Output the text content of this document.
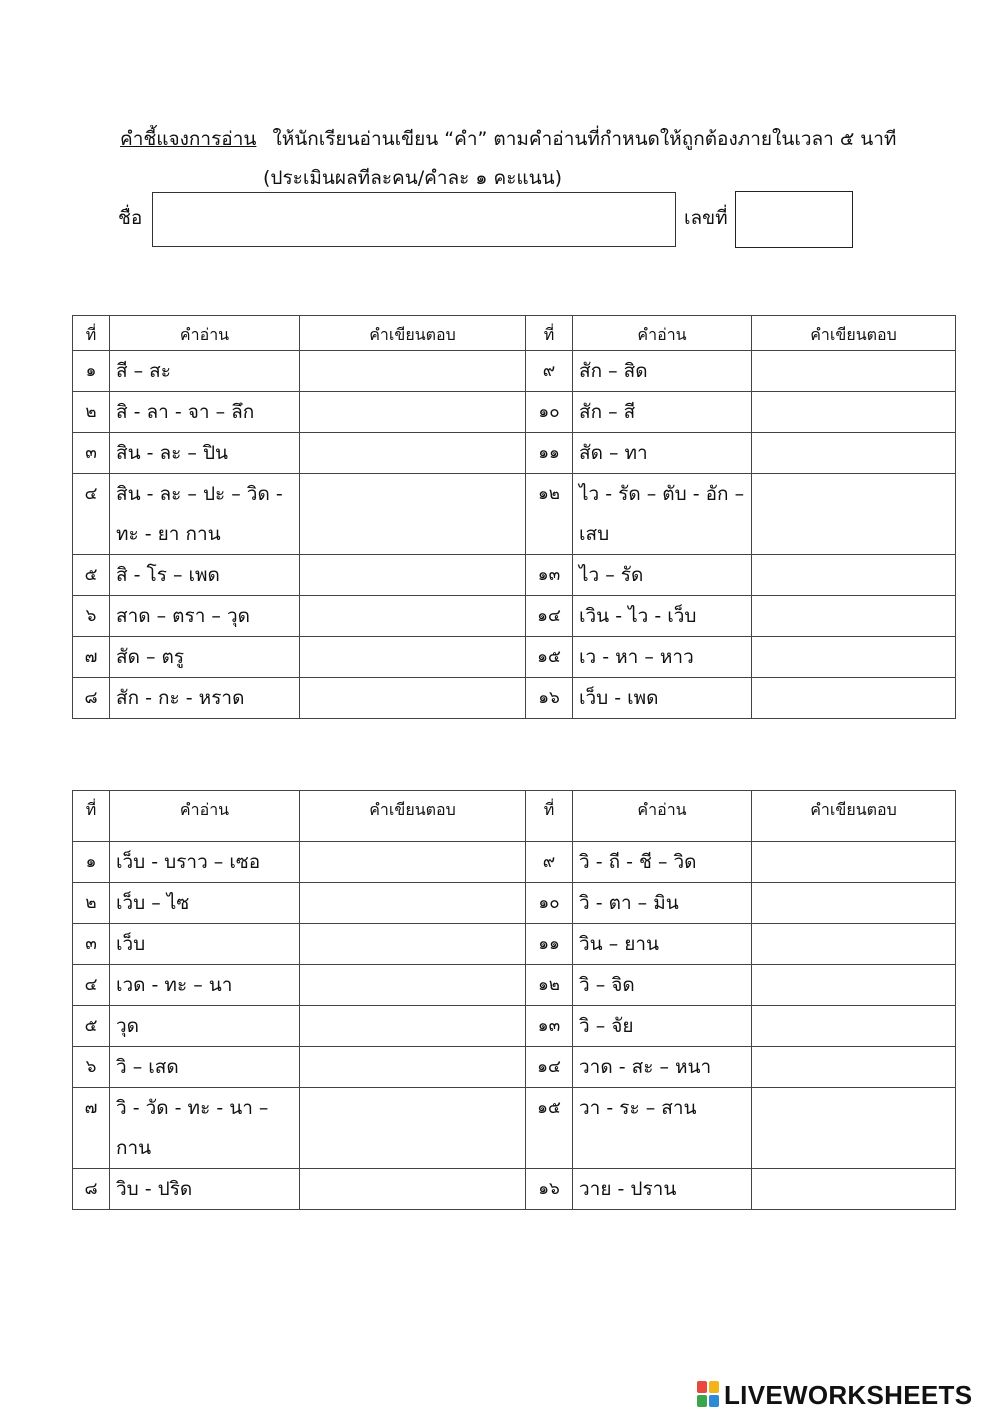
คำชี้แจงการอ่าน ให้นักเรียนอ่านเขียน “คำ” ตามคำอ่านที่กำหนดให้ถูกต้องภายในเวลา ๕ นาที
(ประเมินผลทีละคน/คำละ ๑ คะแนน)
ชื่อ	เลขที่
ที่	คำอ่าน	คำเขียนตอบ	ที่	คำอ่าน	คำเขียนตอบ
๑	สี – สะ		๙	สัก – สิด	
๒	สิ - ลา - จา – ลึก		๑๐	สัก – สี	
๓	สิน - ละ – ปิน		๑๑	สัด – ทา	
๔	สิน - ละ – ปะ – วิด - ทะ - ยา กาน		๑๒	ไว - รัด – ตับ - อัก – เสบ	
๕	สิ - โร – เพด		๑๓	ไว – รัด	
๖	สาด – ตรา – วุด		๑๔	เวิน - ไว - เว็บ	
๗	สัด – ตรู		๑๕	เว - หา – หาว	
๘	สัก - กะ - หราด		๑๖	เว็บ - เพด	
ที่	คำอ่าน	คำเขียนตอบ	ที่	คำอ่าน	คำเขียนตอบ
๑	เว็บ - บราว – เซอ		๙	วิ - ถี - ชี – วิด	
๒	เว็บ – ไซ		๑๐	วิ - ตา – มิน	
๓	เว็บ		๑๑	วิน – ยาน	
๔	เวด - ทะ – นา		๑๒	วิ – จิด	
๕	วุด		๑๓	วิ – จัย	
๖	วิ – เสด		๑๔	วาด - สะ – หนา	
๗	วิ - วัด - ทะ - นา – กาน		๑๕	วา - ระ – สาน	
๘	วิบ - ปริด		๑๖	วาย - ปราน	
LIVEWORKSHEETS
